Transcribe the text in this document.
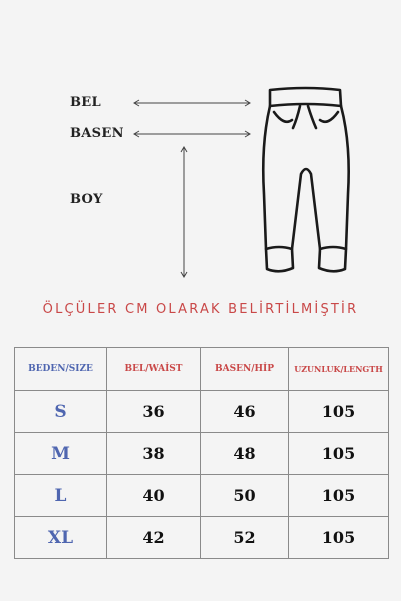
BEL
BASEN
BOY
ÖLÇÜLER CM OLARAK BELİRTİLMİŞTİR
BEDEN/SIZE	BEL/WAİST	BASEN/HİP	UZUNLUK/LENGTH
S	36	46	105
M	38	48	105
L	40	50	105
XL	42	52	105
